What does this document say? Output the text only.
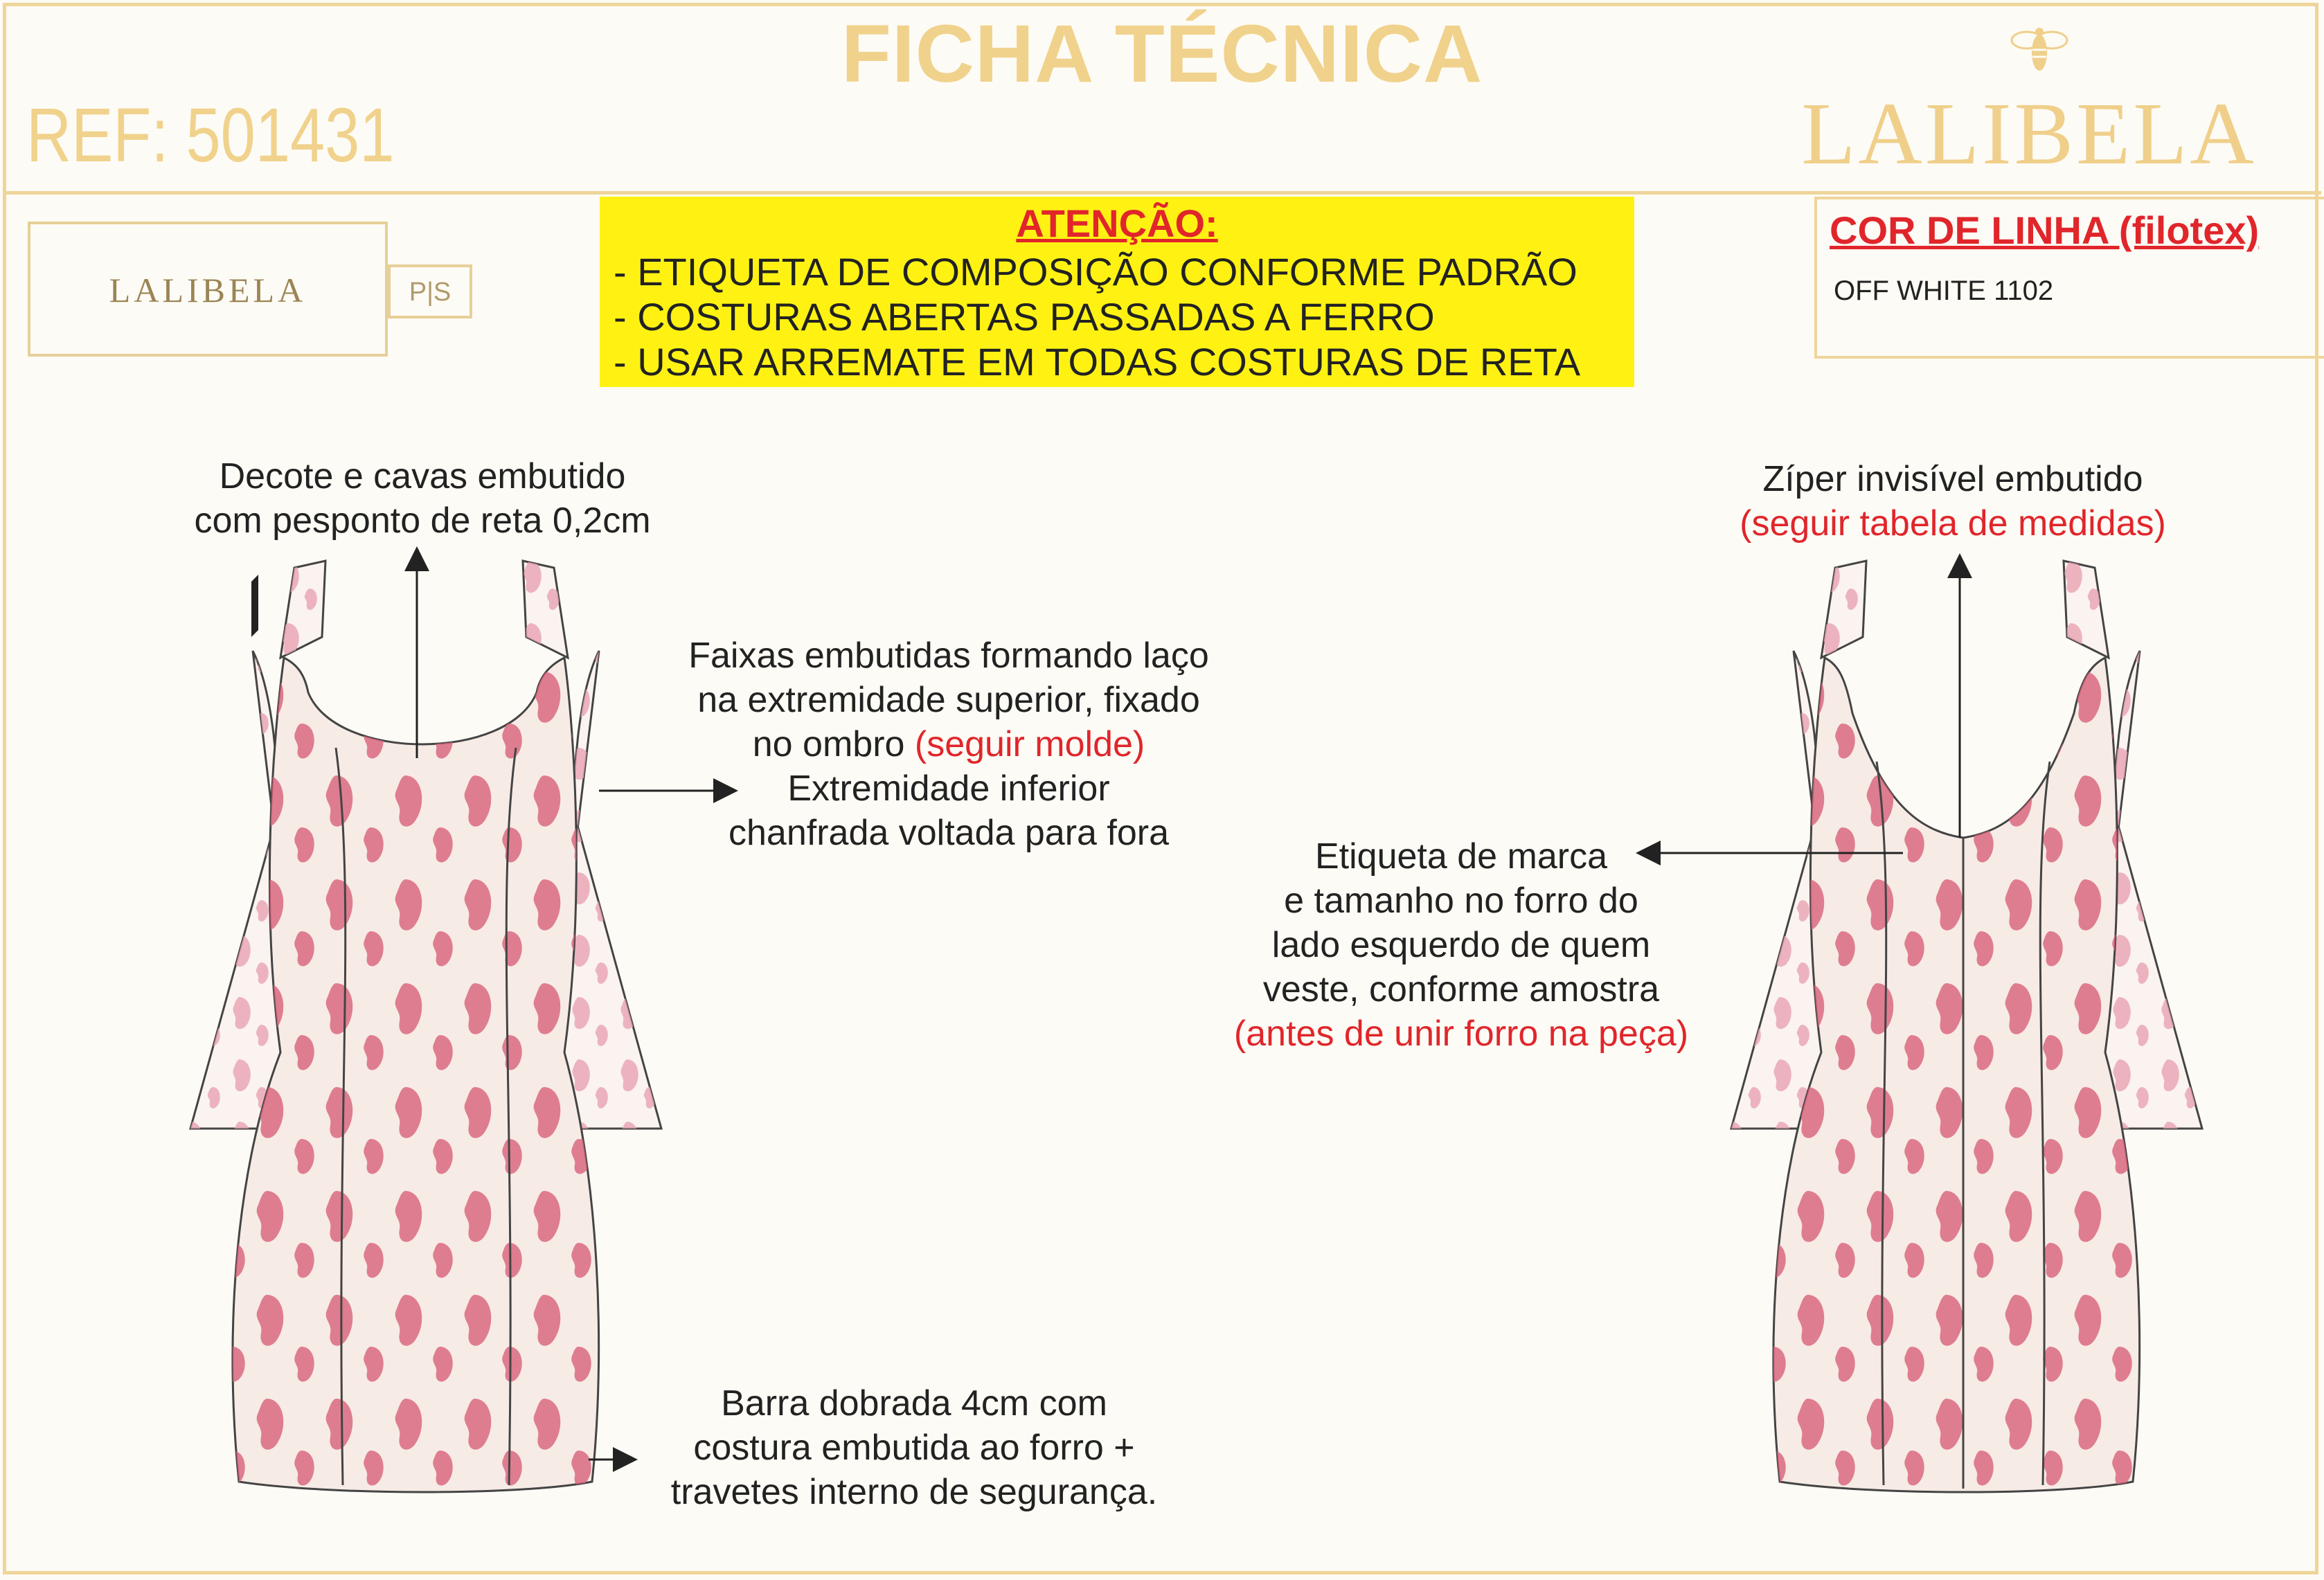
FICHA TÉCNICA
REF: 501431	LALIBELA
LALIBELA	P|S
ATENÇÃO:
- ETIQUETA DE COMPOSIÇÃO CONFORME PADRÃO
- COSTURAS ABERTAS PASSADAS A FERRO
- USAR ARREMATE EM TODAS COSTURAS DE RETA
COR DE LINHA (filotex)
OFF WHITE 1102
Decote e cavas embutido
com pesponto de reta 0,2cm
Faixas embutidas formando laço
na extremidade superior, fixado
no ombro (seguir molde)
Extremidade inferior
chanfrada voltada para fora
Barra dobrada 4cm com
costura embutida ao forro +
travetes interno de segurança.
Zíper invisível embutido
(seguir tabela de medidas)
Etiqueta de marca
e tamanho no forro do
lado esquerdo de quem
veste, conforme amostra
(antes de unir forro na peça)
